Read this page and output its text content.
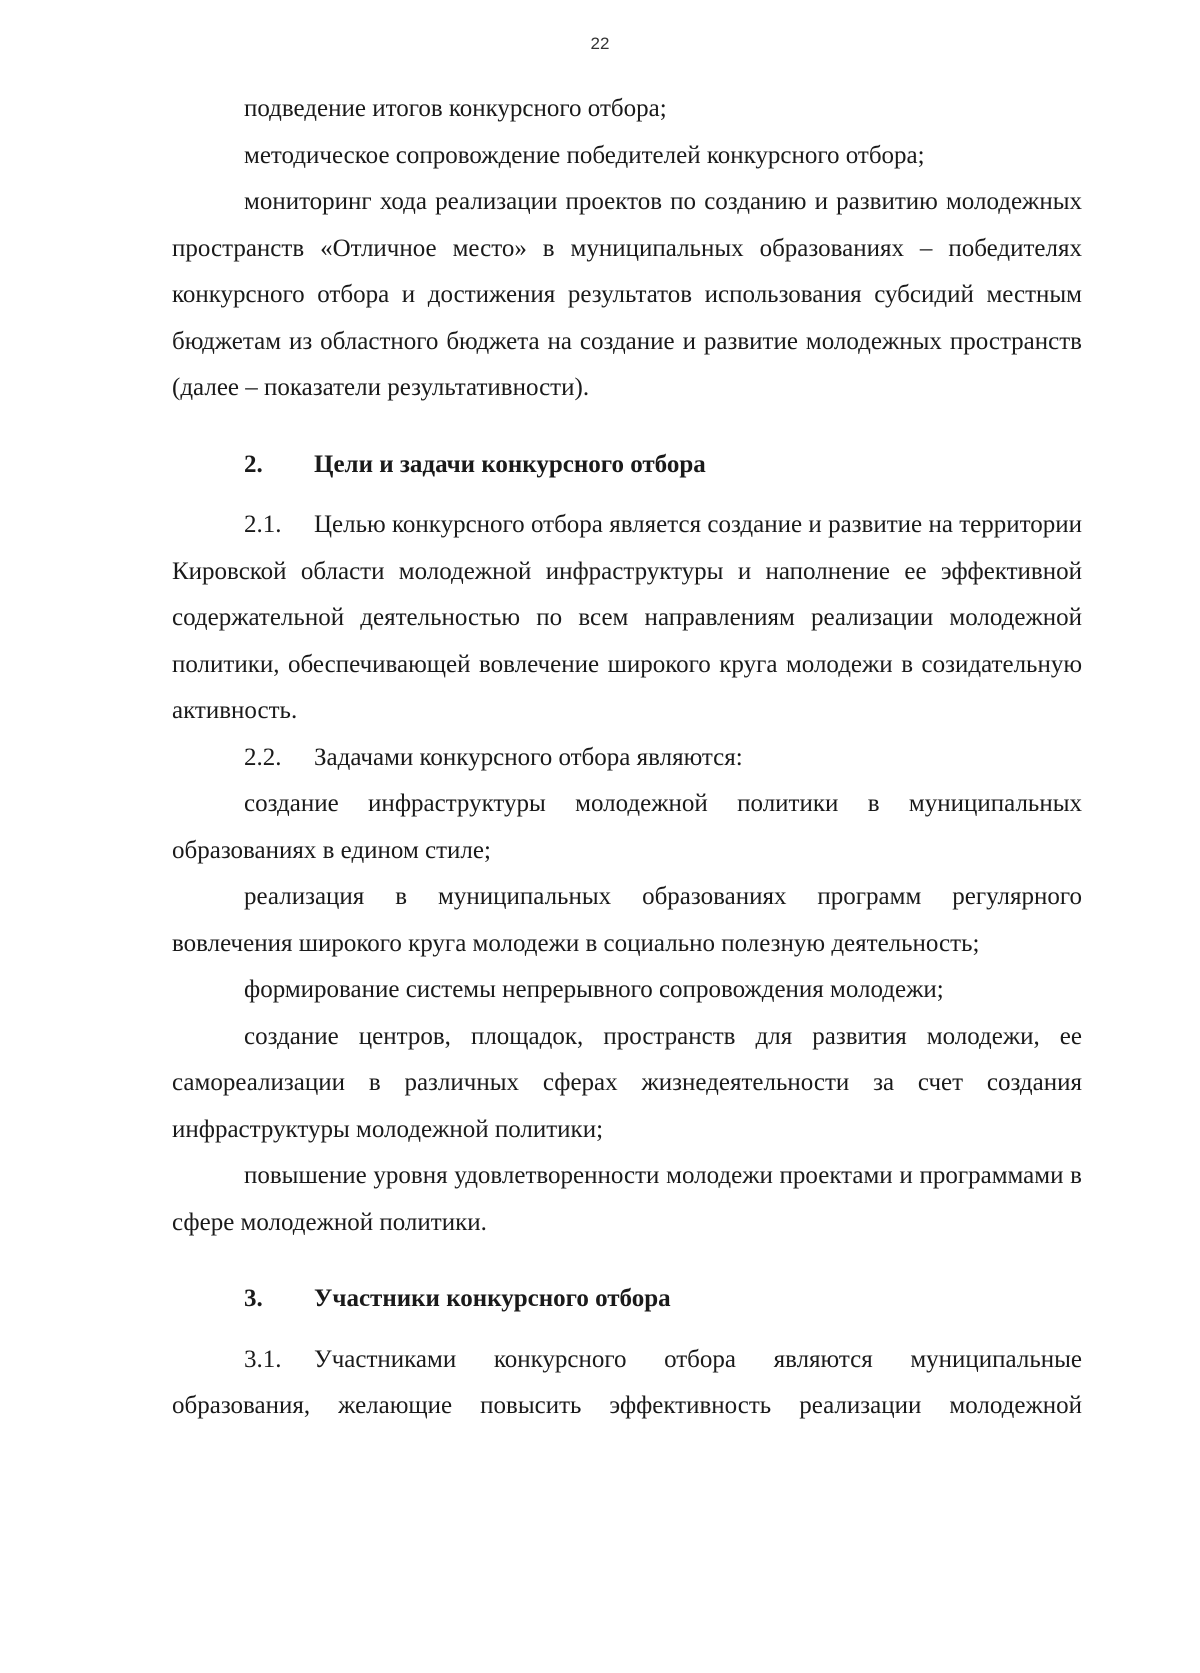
22

подведение итогов конкурсного отбора;

методическое сопровождение победителей конкурсного отбора;

мониторинг хода реализации проектов по созданию и развитию молодежных пространств «Отличное место» в муниципальных образованиях – победителях конкурсного отбора и достижения результатов использования субсидий местным бюджетам из областного бюджета на создание и развитие молодежных пространств (далее – показатели результативности).

2. Цели и задачи конкурсного отбора

2.1. Целью конкурсного отбора является создание и развитие на территории Кировской области молодежной инфраструктуры и наполнение ее эффективной содержательной деятельностью по всем направлениям реализации молодежной политики, обеспечивающей вовлечение широкого круга молодежи в созидательную активность.

2.2. Задачами конкурсного отбора являются:

создание инфраструктуры молодежной политики в муниципальных образованиях в едином стиле;

реализация в муниципальных образованиях программ регулярного вовлечения широкого круга молодежи в социально полезную деятельность;

формирование системы непрерывного сопровождения молодежи;

создание центров, площадок, пространств для развития молодежи, ее самореализации в различных сферах жизнедеятельности за счет создания инфраструктуры молодежной политики;

повышение уровня удовлетворенности молодежи проектами и программами в сфере молодежной политики.

3. Участники конкурсного отбора

3.1. Участниками конкурсного отбора являются муниципальные образования, желающие повысить эффективность реализации молодежной
